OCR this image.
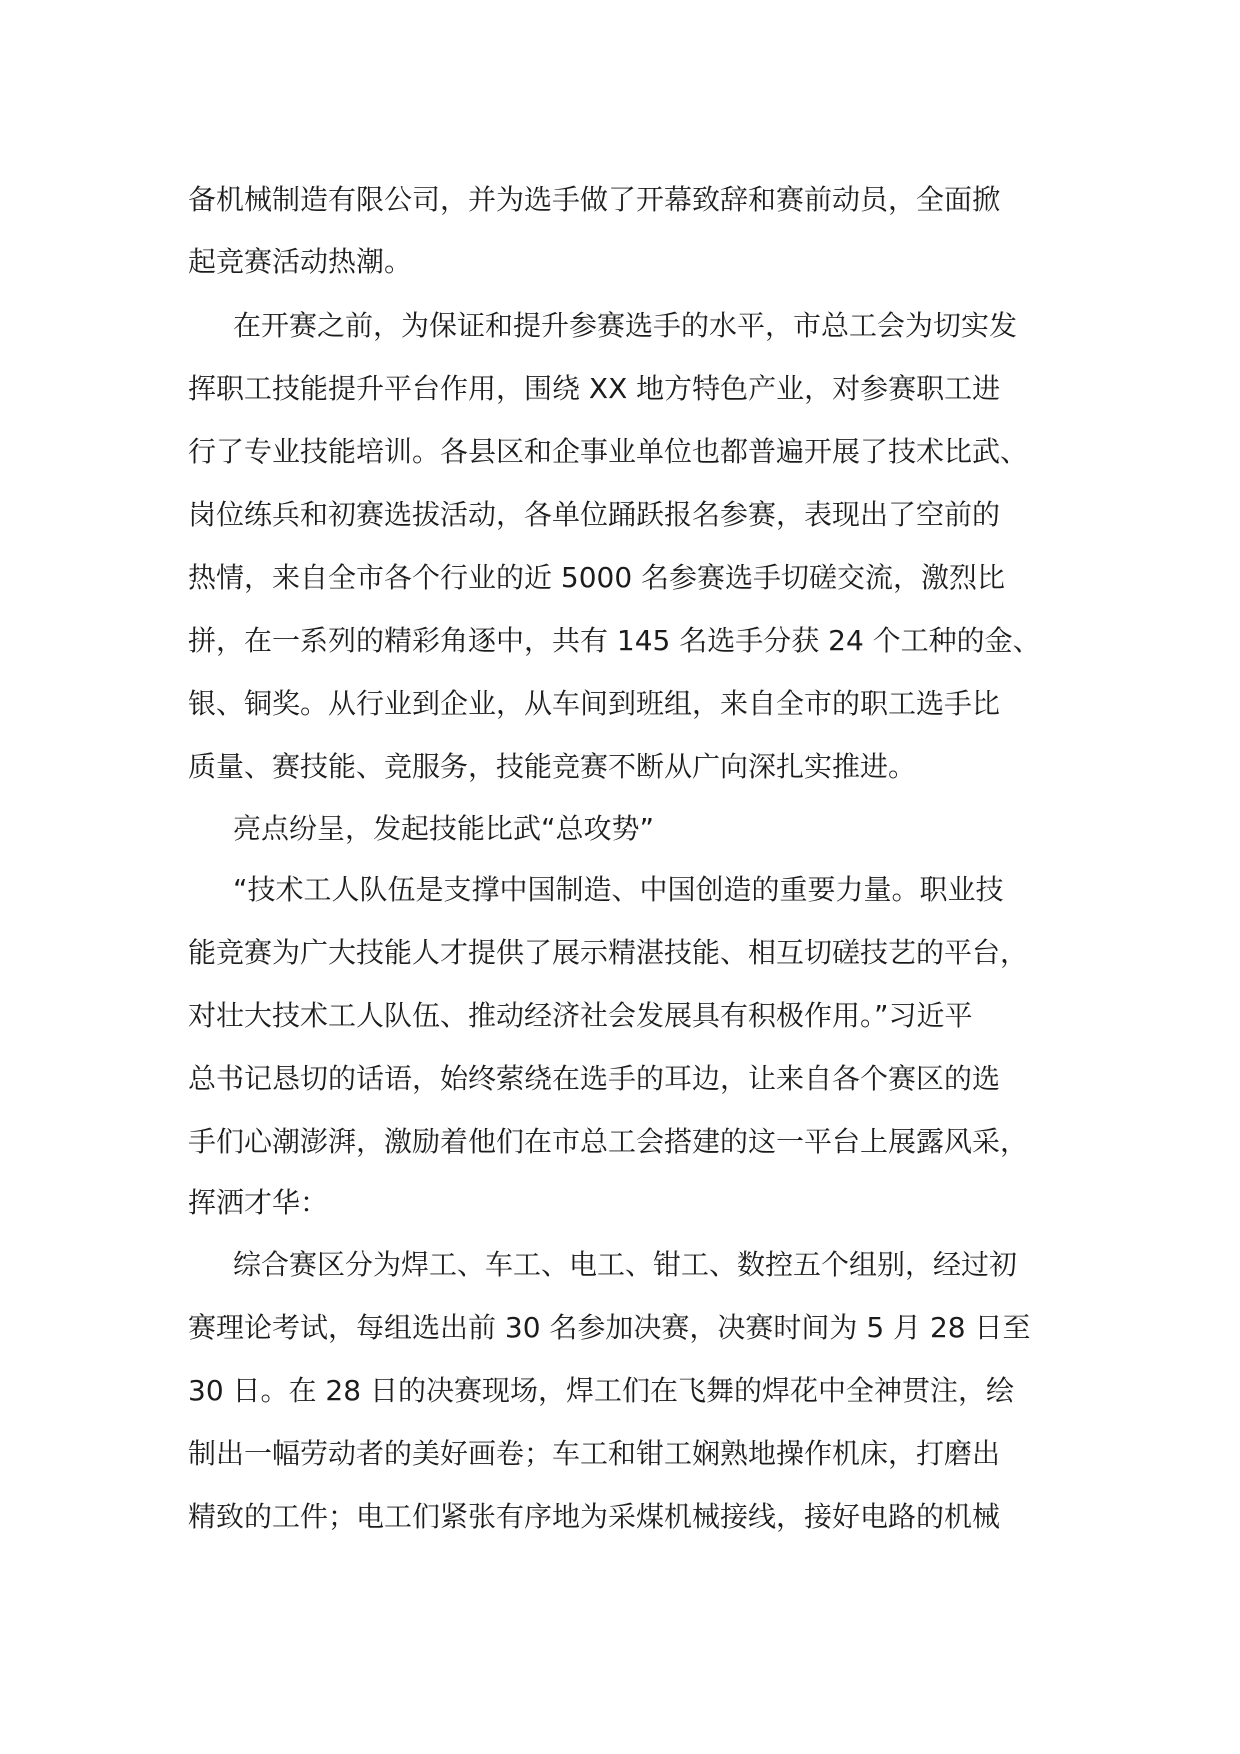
备机械制造有限公司，并为选手做了开幕致辞和赛前动员，全面掀

起竞赛活动热潮。

在开赛之前，为保证和提升参赛选手的水平，市总工会为切实发

挥职工技能提升平台作用，围绕 XX 地方特色产业，对参赛职工进

行了专业技能培训。各县区和企事业单位也都普遍开展了技术比武、

岗位练兵和初赛选拔活动，各单位踊跃报名参赛，表现出了空前的

热情，来自全市各个行业的近 5000 名参赛选手切磋交流，激烈比

拼，在一系列的精彩角逐中，共有 145 名选手分获 24 个工种的金、

银、铜奖。从行业到企业，从车间到班组，来自全市的职工选手比

质量、赛技能、竞服务，技能竞赛不断从广向深扎实推进。

亮点纷呈，发起技能比武“总攻势”

“技术工人队伍是支撑中国制造、中国创造的重要力量。职业技

能竞赛为广大技能人才提供了展示精湛技能、相互切磋技艺的平台，

对壮大技术工人队伍、推动经济社会发展具有积极作用。”习近平

总书记恳切的话语，始终萦绕在选手的耳边，让来自各个赛区的选

手们心潮澎湃，激励着他们在市总工会搭建的这一平台上展露风采，

挥洒才华：

综合赛区分为焊工、车工、电工、钳工、数控五个组别，经过初

赛理论考试，每组选出前 30 名参加决赛，决赛时间为 5 月 28 日至

30 日。在 28 日的决赛现场，焊工们在飞舞的焊花中全神贯注，绘

制出一幅劳动者的美好画卷；车工和钳工娴熟地操作机床，打磨出

精致的工件；电工们紧张有序地为采煤机械接线，接好电路的机械
